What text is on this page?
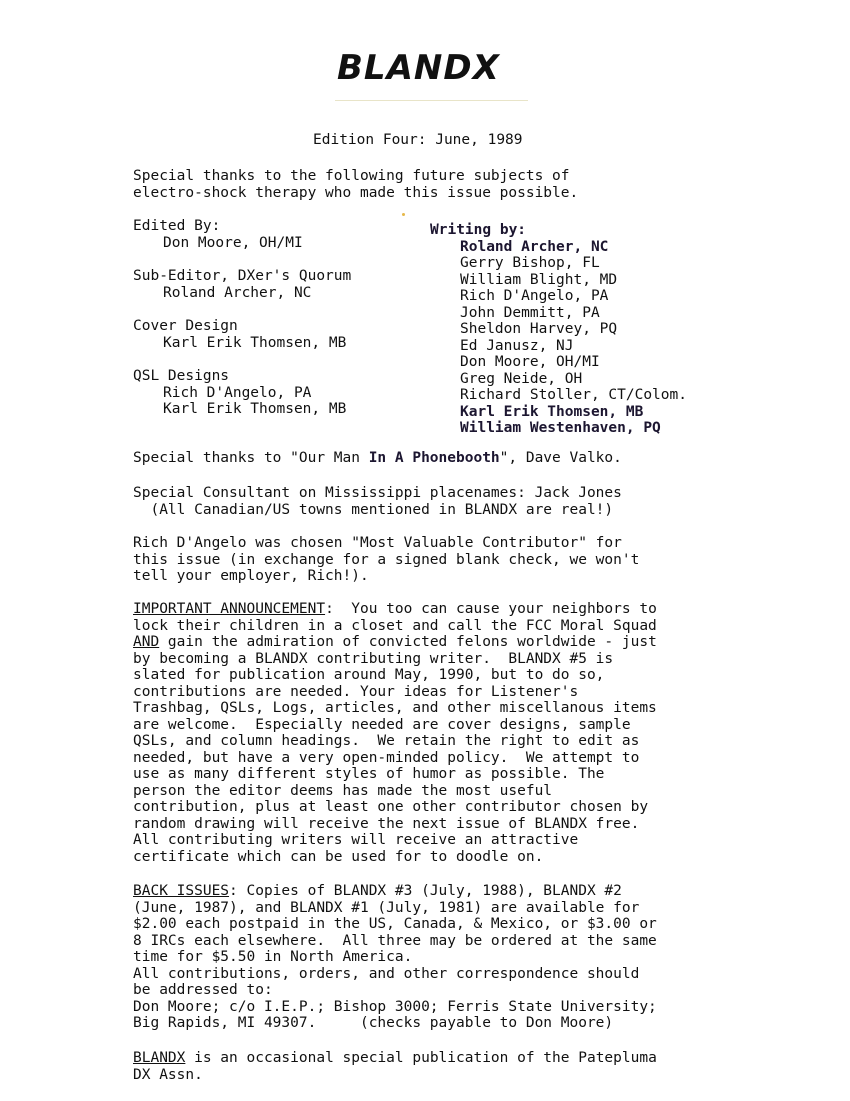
BLANDX
Edition Four: June, 1989
Special thanks to the following future subjects of
electro-shock therapy who made this issue possible.
Edited By:
Don Moore, OH/MI
Sub-Editor, DXer's Quorum
Roland Archer, NC
Cover Design
Karl Erik Thomsen, MB
QSL Designs
Rich D'Angelo, PA
Karl Erik Thomsen, MB
Writing by:
Roland Archer, NC
Gerry Bishop, FL
William Blight, MD
Rich D'Angelo, PA
John Demmitt, PA
Sheldon Harvey, PQ
Ed Janusz, NJ
Don Moore, OH/MI
Greg Neide, OH
Richard Stoller, CT/Colom.
Karl Erik Thomsen, MB
William Westenhaven, PQ
Special thanks to "Our Man In A Phonebooth", Dave Valko.
Special Consultant on Mississippi placenames: Jack Jones
(All Canadian/US towns mentioned in BLANDX are real!)
Rich D'Angelo was chosen "Most Valuable Contributor" for
this issue (in exchange for a signed blank check, we won't
tell your employer, Rich!).
IMPORTANT ANNOUNCEMENT:  You too can cause your neighbors to
lock their children in a closet and call the FCC Moral Squad
AND gain the admiration of convicted felons worldwide - just
by becoming a BLANDX contributing writer.  BLANDX #5 is
slated for publication around May, 1990, but to do so,
contributions are needed. Your ideas for Listener's
Trashbag, QSLs, Logs, articles, and other miscellanous items
are welcome.  Especially needed are cover designs, sample
QSLs, and column headings.  We retain the right to edit as
needed, but have a very open-minded policy.  We attempt to
use as many different styles of humor as possible. The
person the editor deems has made the most useful
contribution, plus at least one other contributor chosen by
random drawing will receive the next issue of BLANDX free.
All contributing writers will receive an attractive
certificate which can be used for to doodle on.
BACK ISSUES: Copies of BLANDX #3 (July, 1988), BLANDX #2
(June, 1987), and BLANDX #1 (July, 1981) are available for
$2.00 each postpaid in the US, Canada, & Mexico, or $3.00 or
8 IRCs each elsewhere.  All three may be ordered at the same
time for $5.50 in North America.
All contributions, orders, and other correspondence should
be addressed to:
Don Moore; c/o I.E.P.; Bishop 3000; Ferris State University;
Big Rapids, MI 49307.     (checks payable to Don Moore)
BLANDX is an occasional special publication of the Patepluma
DX Assn.
